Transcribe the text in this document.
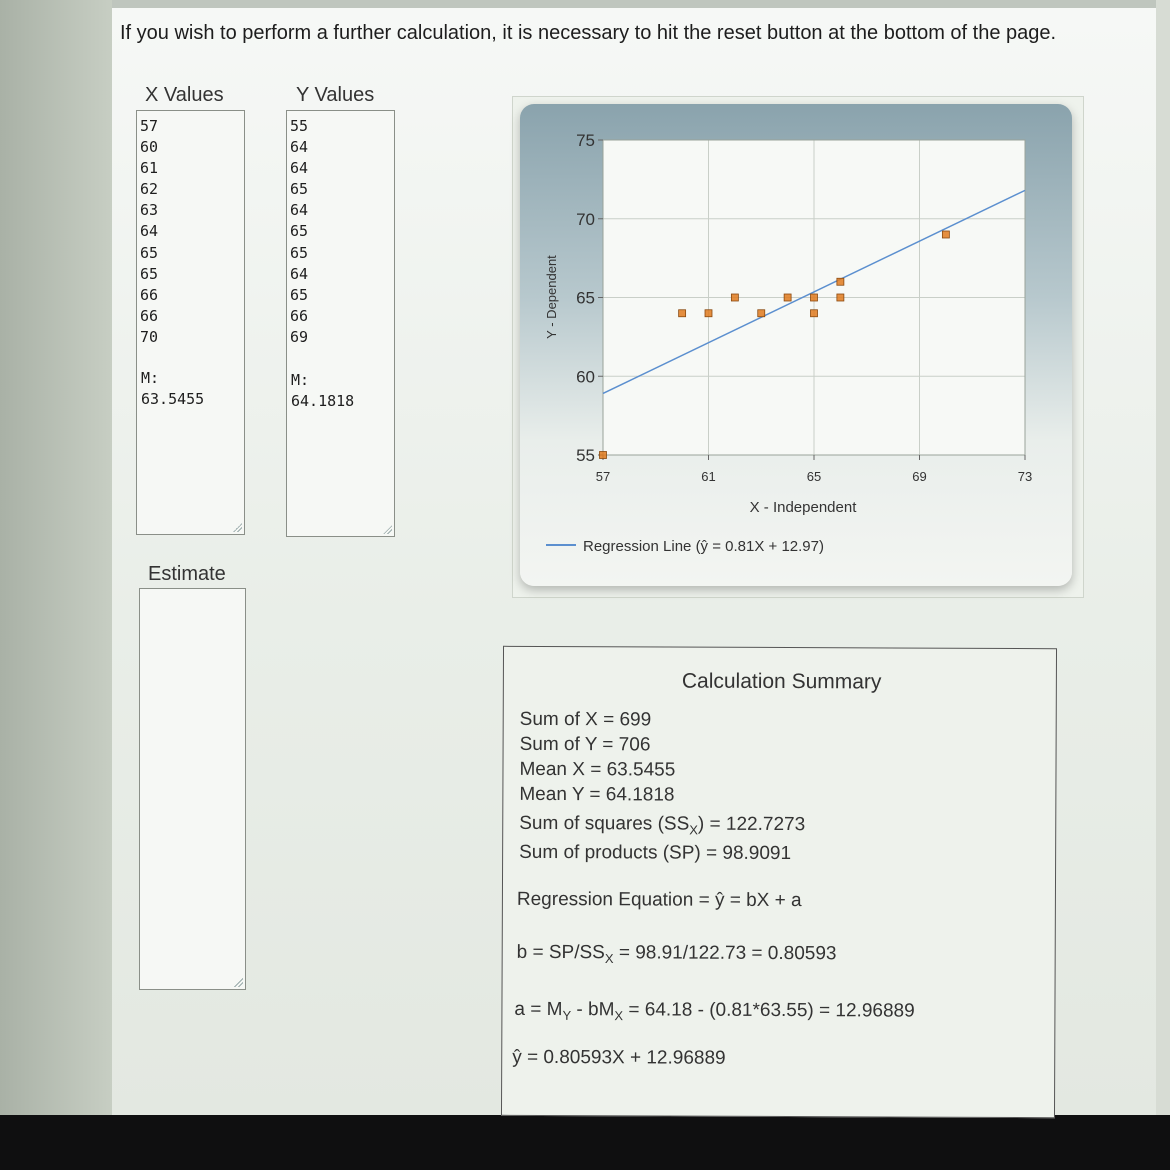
If you wish to perform a further calculation, it is necessary to hit the reset button at the bottom of the page.
X Values
57
60
61
62
63
64
65
65
66
66
70
M:
63.5455
Y Values
55
64
64
65
64
65
65
64
65
66
69
M:
64.1818
Estimate
57	61	65	69	73
55
60
65
70
75
X - Independent
Y - Dependent
Regression Line (ŷ = 0.81X + 12.97)
Calculation Summary
Sum of X = 699
Sum of Y = 706
Mean X = 63.5455
Mean Y = 64.1818
Sum of squares $(SS_X) = 122.7273$
Sum of products (SP) = 98.9091
Regression Equation = ŷ = bX + a
$b = SP/SS_X = 98.91/122.73 = 0.80593$
$a = M_Y - bM_X = 64.18 - (0.81*63.55) = 12.96889$
ŷ = 0.80593X + 12.96889
